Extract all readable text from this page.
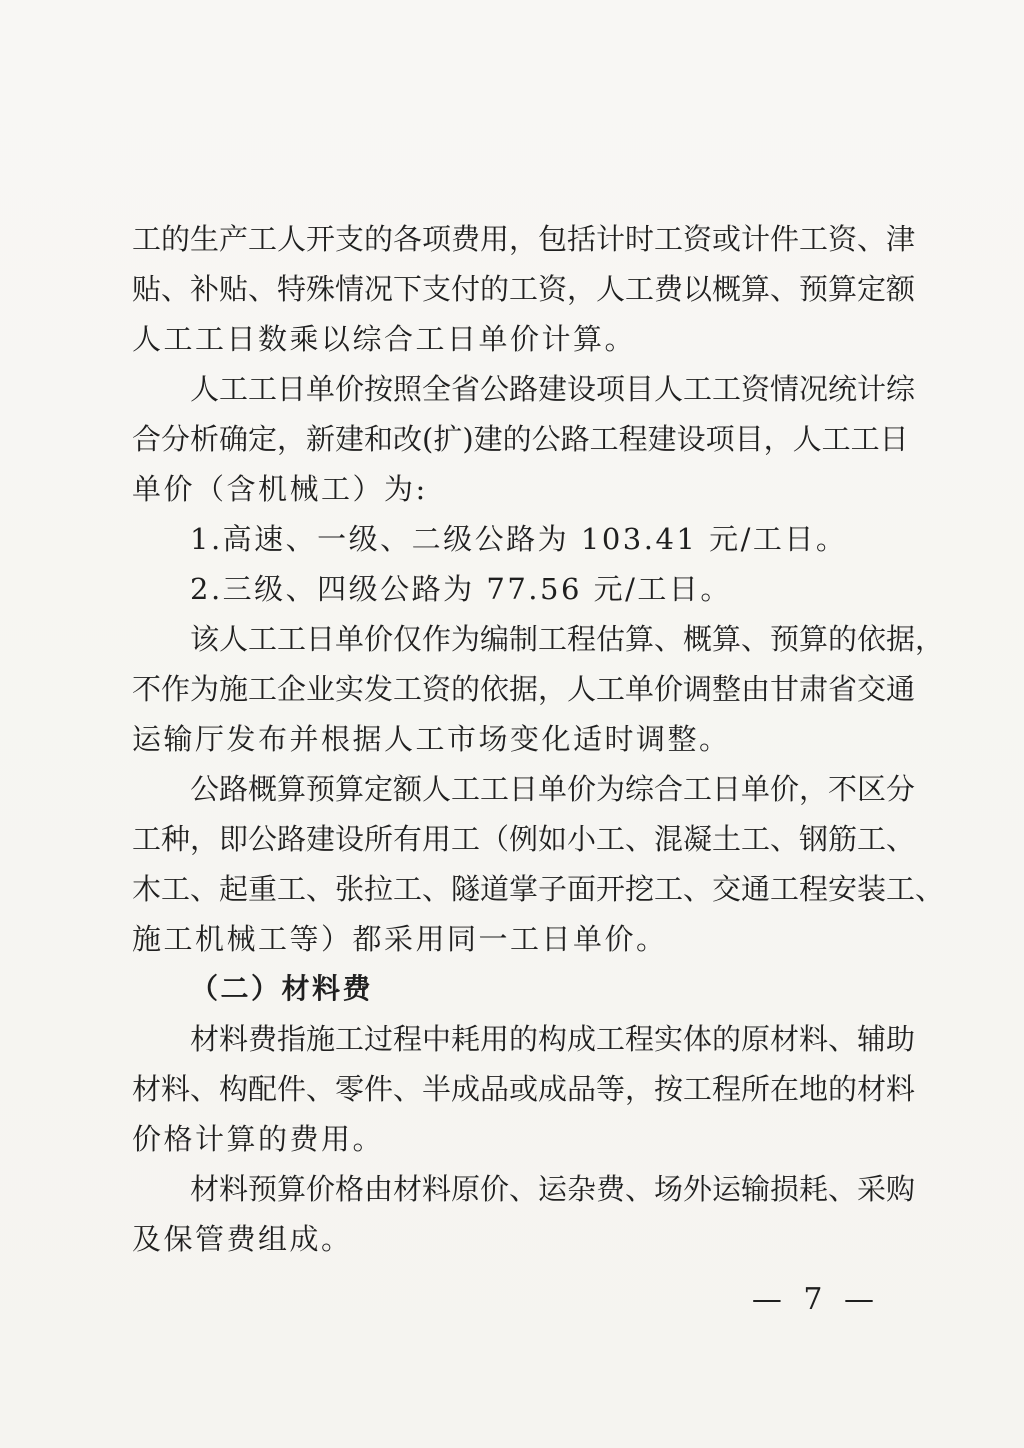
工的生产工人开支的各项费用，包括计时工资或计件工资、津
贴、补贴、特殊情况下支付的工资，人工费以概算、预算定额
人工工日数乘以综合工日单价计算。
人工工日单价按照全省公路建设项目人工工资情况统计综
合分析确定，新建和改(扩)建的公路工程建设项目，人工工日
单价（含机械工）为:
1.高速、一级、二级公路为 103.41 元/工日。
2.三级、四级公路为 77.56 元/工日。
该人工工日单价仅作为编制工程估算、概算、预算的依据，
不作为施工企业实发工资的依据，人工单价调整由甘肃省交通
运输厅发布并根据人工市场变化适时调整。
公路概算预算定额人工工日单价为综合工日单价，不区分
工种，即公路建设所有用工（例如小工、混凝土工、钢筋工、
木工、起重工、张拉工、隧道掌子面开挖工、交通工程安装工、
施工机械工等）都采用同一工日单价。
（二）材料费
材料费指施工过程中耗用的构成工程实体的原材料、辅助
材料、构配件、零件、半成品或成品等，按工程所在地的材料
价格计算的费用。
材料预算价格由材料原价、运杂费、场外运输损耗、采购
及保管费组成。
— 7 —
